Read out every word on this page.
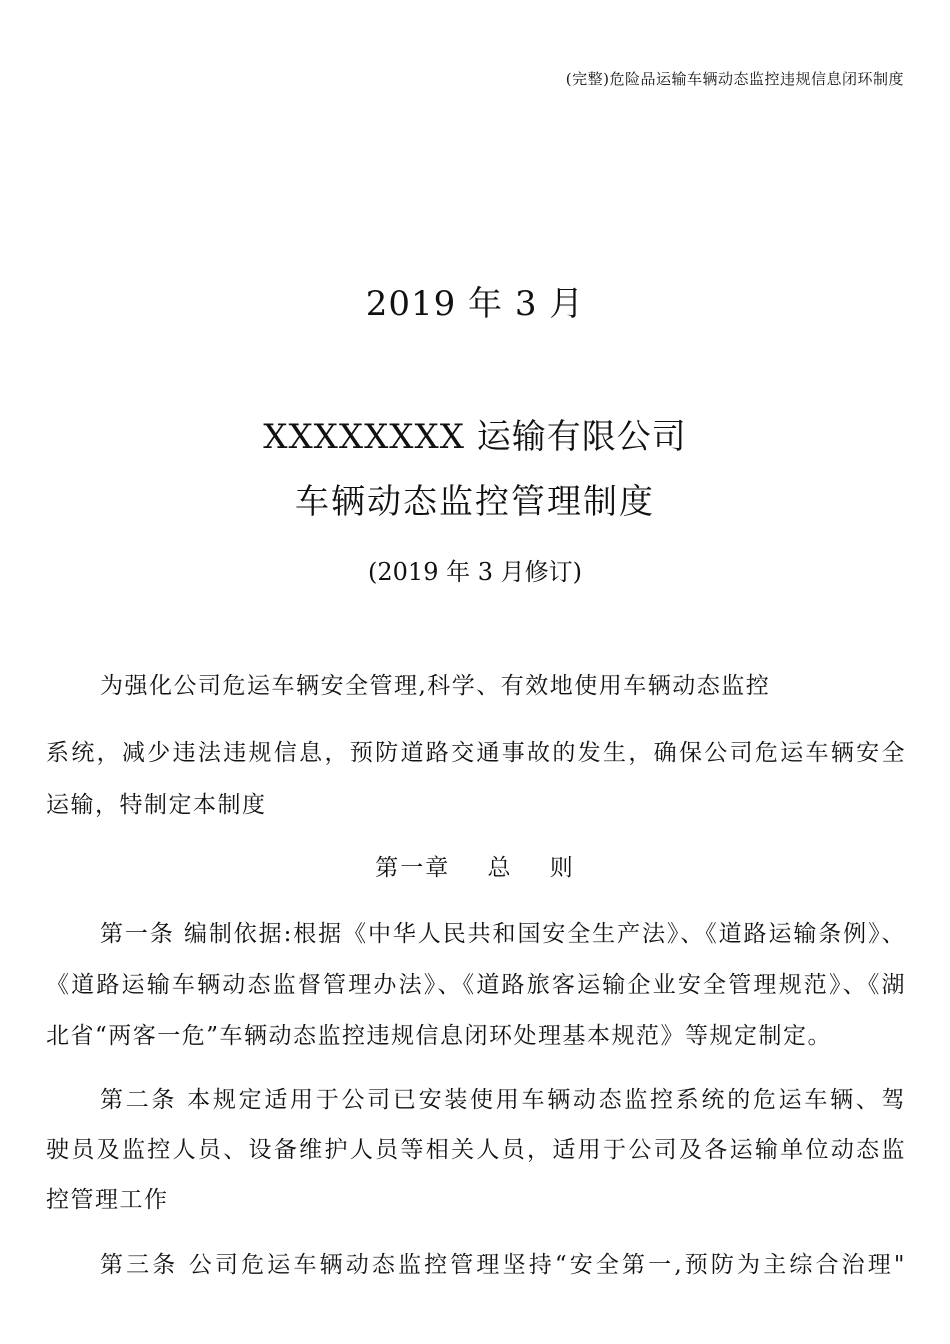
(完整)危险品运输车辆动态监控违规信息闭环制度
2019 年 3 月
XXXXXXXX 运输有限公司
车辆动态监控管理制度
(2019 年 3 月修订)
为强化公司危运车辆安全管理,科学、有效地使用车辆动态监控
系统，减少违法违规信息，预防道路交通事故的发生，确保公司危运车辆安全
运输，特制定本制度
第一章    总    则
第一条 编制依据:根据《中华人民共和国安全生产法》、《道路运输条例》、
《道路运输车辆动态监督管理办法》、《道路旅客运输企业安全管理规范》、《湖
北省“两客一危”车辆动态监控违规信息闭环处理基本规范》等规定制定。
第二条 本规定适用于公司已安装使用车辆动态监控系统的危运车辆、驾
驶员及监控人员、设备维护人员等相关人员，适用于公司及各运输单位动态监
控管理工作
第三条 公司危运车辆动态监控管理坚持“安全第一,预防为主综合治理"
